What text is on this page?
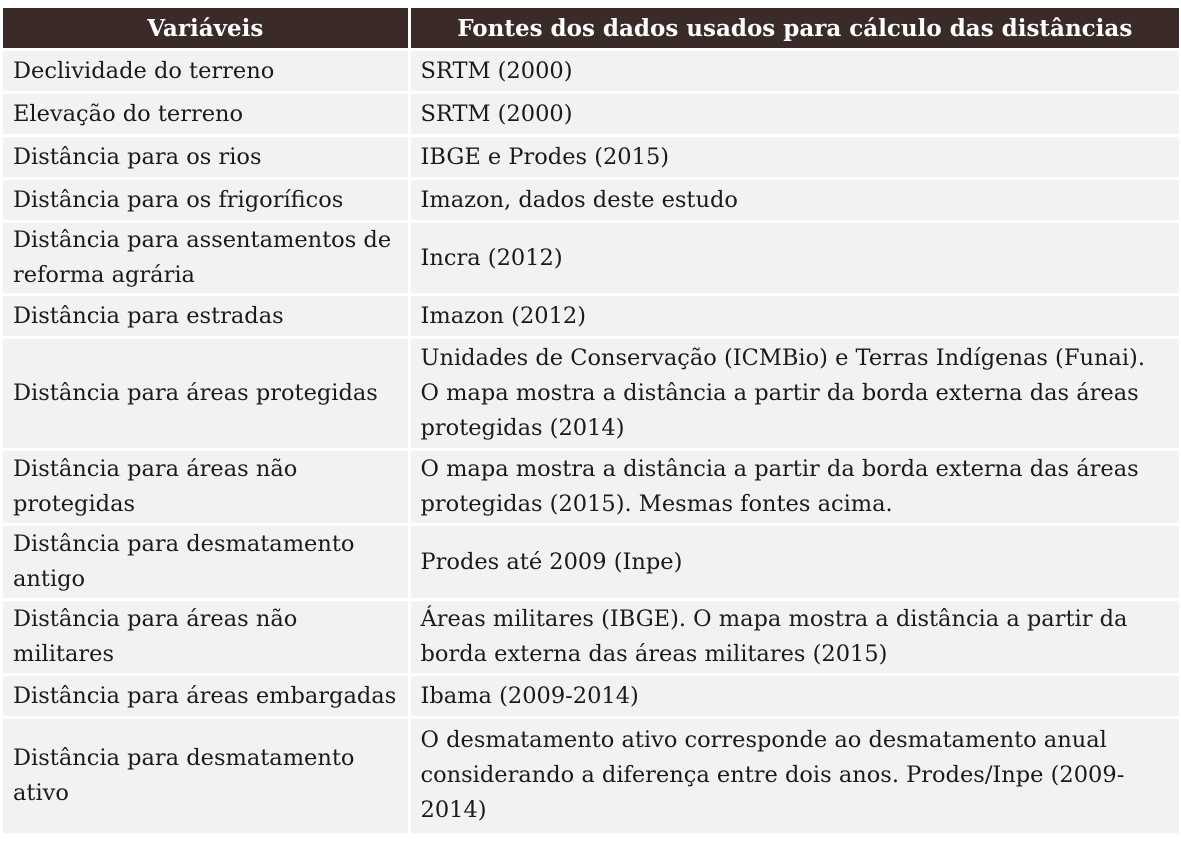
Variáveis	Fontes dos dados usados para cálculo das distâncias
Declividade do terreno	SRTM (2000)
Elevação do terreno	SRTM (2000)
Distância para os rios	IBGE e Prodes (2015)
Distância para os frigoríficos	Imazon, dados deste estudo
Distância para assentamentos de reforma agrária	Incra (2012)
Distância para estradas	Imazon (2012)
Distância para áreas protegidas	Unidades de Conservação (ICMBio) e Terras Indígenas (Funai). O mapa mostra a distância a partir da borda externa das áreas protegidas (2014)
Distância para áreas não protegidas	O mapa mostra a distância a partir da borda externa das áreas protegidas (2015). Mesmas fontes acima.
Distância para desmatamento antigo	Prodes até 2009 (Inpe)
Distância para áreas não militares	Áreas militares (IBGE). O mapa mostra a distância a partir da borda externa das áreas militares (2015)
Distância para áreas embargadas	Ibama (2009-2014)
Distância para desmatamento ativo	O desmatamento ativo corresponde ao desmatamento anual considerando a diferença entre dois anos. Prodes/Inpe (2009-2014)
